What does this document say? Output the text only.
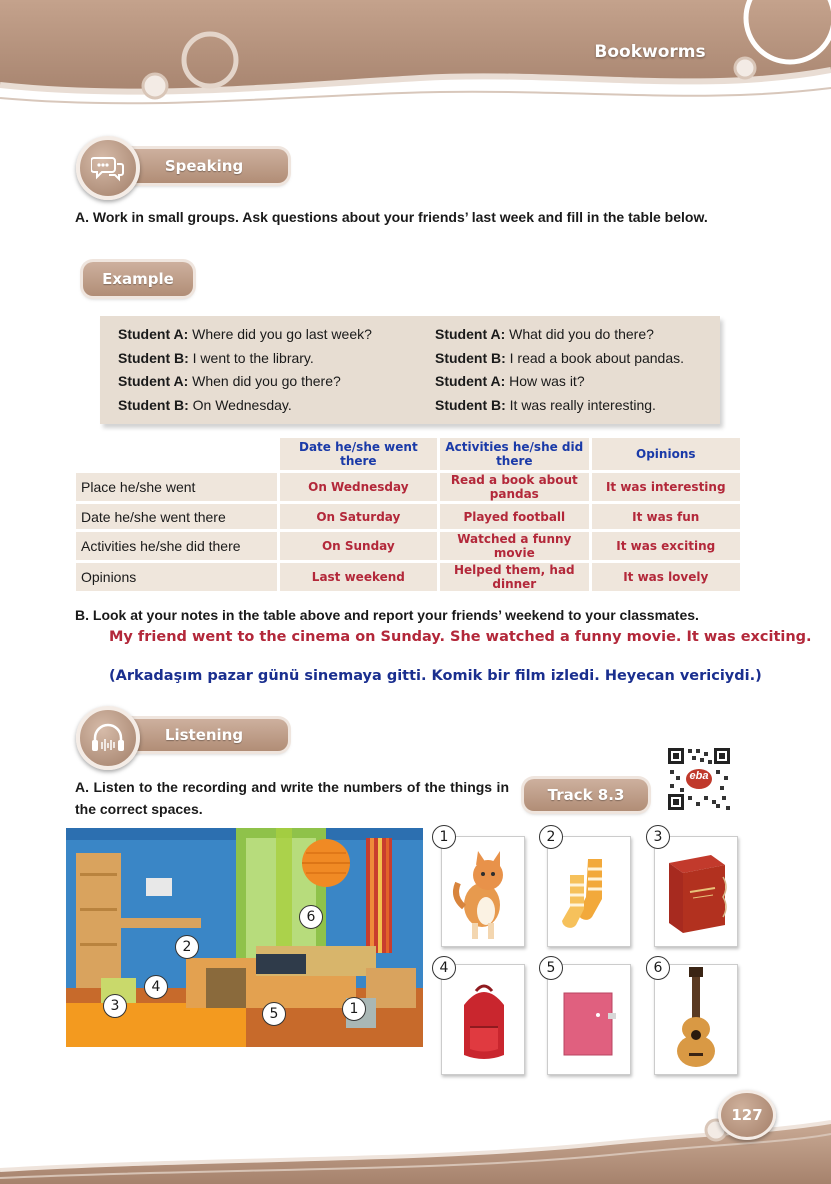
Bookworms
Speaking
A. Work in small groups. Ask questions about your friends’ last week and fill in the table below.
Example
Student A: Where did you go last week?
Student B: I went to the library.
Student A: When did you go there?
Student B: On Wednesday.
Student A: What did you do there?
Student B: I read a book about pandas.
Student A: How was it?
Student B: It was really interesting.
	Date he/she went there	Activities he/she did there	Opinions
Place he/she went	On Wednesday	Read a book about pandas	It was interesting
Date he/she went there	On Saturday	Played football	It was fun
Activities he/she did there	On Sunday	Watched a funny movie	It was exciting
Opinions	Last weekend	Helped them, had dinner	It was lovely
B. Look at your notes in the table above and report your friends’ weekend to your classmates.
My friend went to the cinema on Sunday. She watched a funny movie. It was exciting.
(Arkadaşım pazar günü sinemaya gitti. Komik bir film izledi. Heyecan vericiydi.)
Listening
A. Listen to the recording and write the numbers of the things in the correct spaces.
Track 8.3
eba
6
2
4
3	5	1
1	2	3
4	5	6
127
